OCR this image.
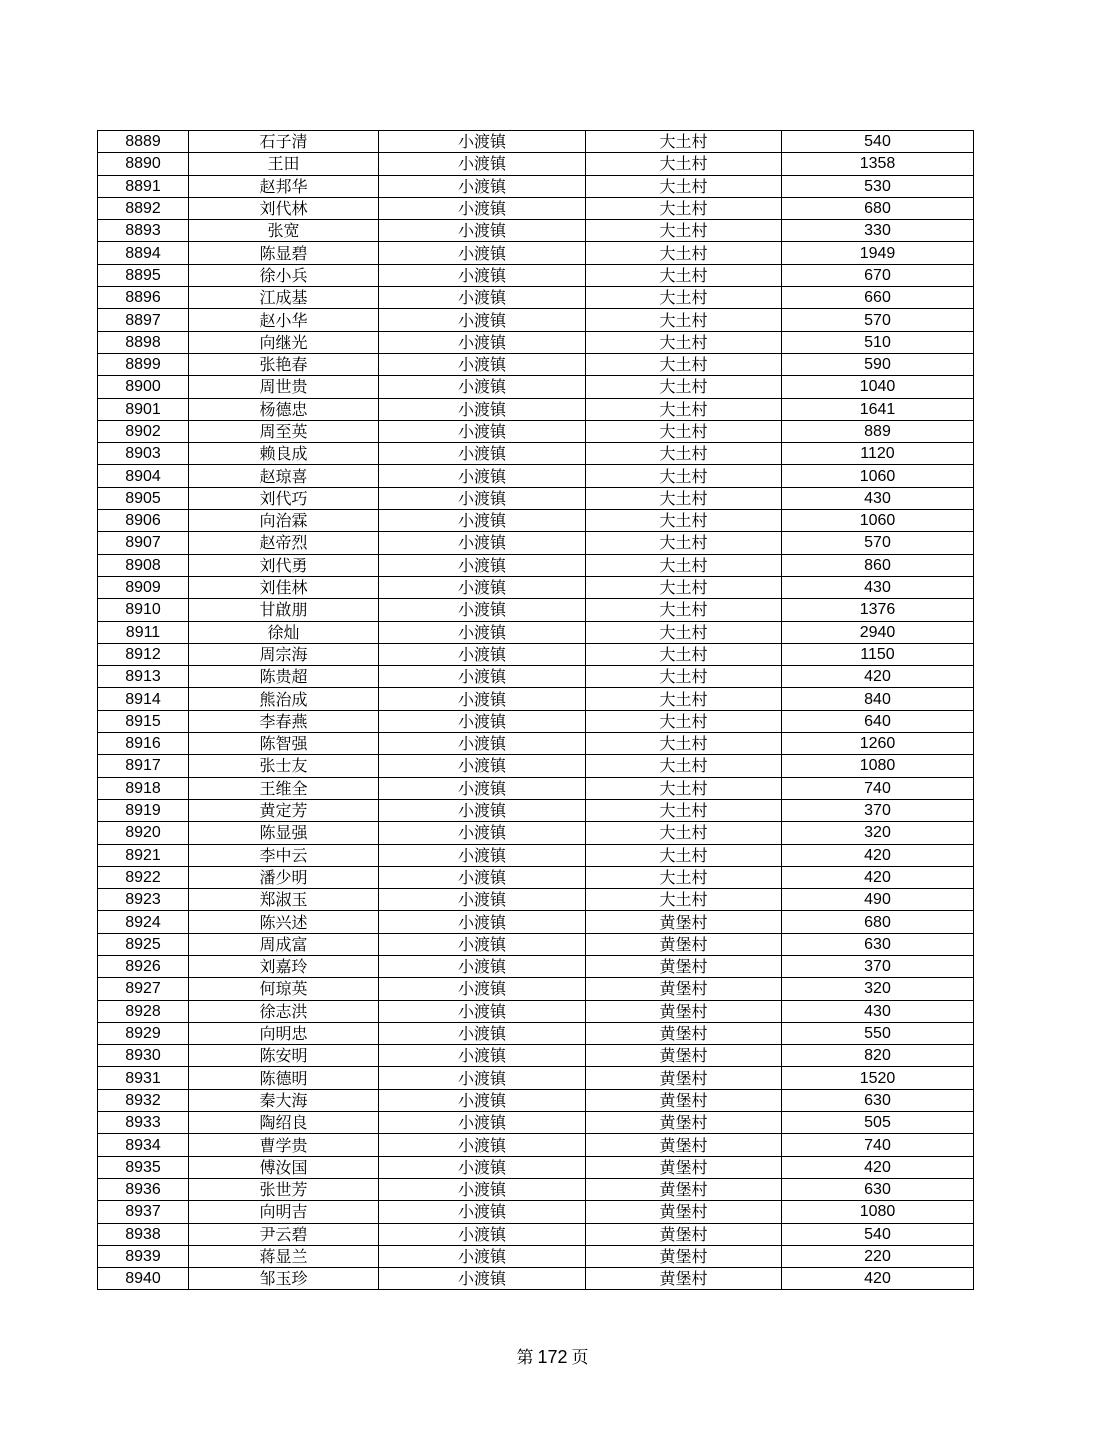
8889	石子清	小渡镇	大土村	540
8890	王田	小渡镇	大土村	1358
8891	赵邦华	小渡镇	大土村	530
8892	刘代林	小渡镇	大土村	680
8893	张宽	小渡镇	大土村	330
8894	陈显碧	小渡镇	大土村	1949
8895	徐小兵	小渡镇	大土村	670
8896	江成基	小渡镇	大土村	660
8897	赵小华	小渡镇	大土村	570
8898	向继光	小渡镇	大土村	510
8899	张艳春	小渡镇	大土村	590
8900	周世贵	小渡镇	大土村	1040
8901	杨德忠	小渡镇	大土村	1641
8902	周至英	小渡镇	大土村	889
8903	赖良成	小渡镇	大土村	1120
8904	赵琼喜	小渡镇	大土村	1060
8905	刘代巧	小渡镇	大土村	430
8906	向治霖	小渡镇	大土村	1060
8907	赵帝烈	小渡镇	大土村	570
8908	刘代勇	小渡镇	大土村	860
8909	刘佳林	小渡镇	大土村	430
8910	甘啟朋	小渡镇	大土村	1376
8911	徐灿	小渡镇	大土村	2940
8912	周宗海	小渡镇	大土村	1150
8913	陈贵超	小渡镇	大土村	420
8914	熊治成	小渡镇	大土村	840
8915	李春燕	小渡镇	大土村	640
8916	陈智强	小渡镇	大土村	1260
8917	张士友	小渡镇	大土村	1080
8918	王维全	小渡镇	大土村	740
8919	黄定芳	小渡镇	大土村	370
8920	陈显强	小渡镇	大土村	320
8921	李中云	小渡镇	大土村	420
8922	潘少明	小渡镇	大土村	420
8923	郑淑玉	小渡镇	大土村	490
8924	陈兴述	小渡镇	黄堡村	680
8925	周成富	小渡镇	黄堡村	630
8926	刘嘉玲	小渡镇	黄堡村	370
8927	何琼英	小渡镇	黄堡村	320
8928	徐志洪	小渡镇	黄堡村	430
8929	向明忠	小渡镇	黄堡村	550
8930	陈安明	小渡镇	黄堡村	820
8931	陈德明	小渡镇	黄堡村	1520
8932	秦大海	小渡镇	黄堡村	630
8933	陶绍良	小渡镇	黄堡村	505
8934	曹学贵	小渡镇	黄堡村	740
8935	傅汝国	小渡镇	黄堡村	420
8936	张世芳	小渡镇	黄堡村	630
8937	向明吉	小渡镇	黄堡村	1080
8938	尹云碧	小渡镇	黄堡村	540
8939	蒋显兰	小渡镇	黄堡村	220
8940	邹玉珍	小渡镇	黄堡村	420
第 172 页
